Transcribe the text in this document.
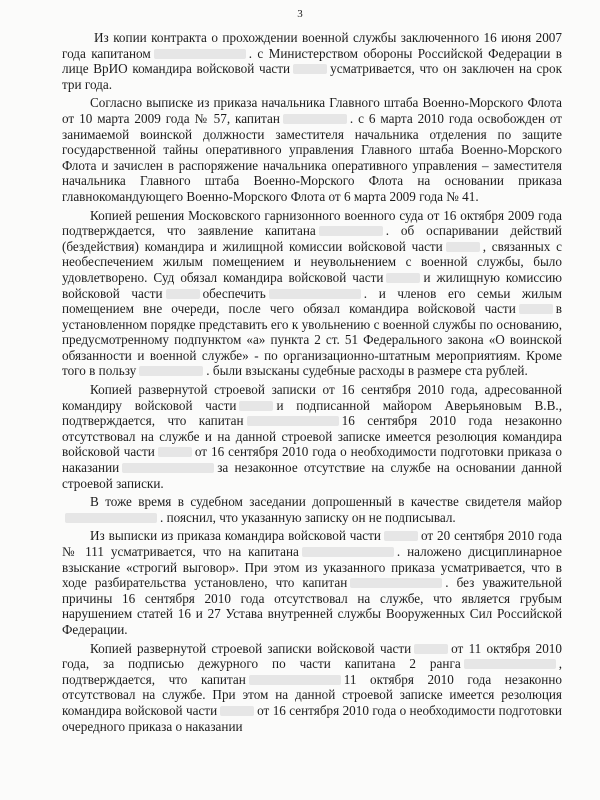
3

Из копии контракта о прохождении военной службы заключенного 16 июня 2007 года капитаном	. с Министерством обороны Российской Федерации в лице ВрИО командира войсковой части	усматривается, что он заключен на срок три года.

Согласно выписке из приказа начальника Главного штаба Военно-Морского Флота от 10 марта 2009 года № 57, капитан	. с 6 марта 2010 года освобожден от занимаемой воинской должности заместителя начальника отделения по защите государственной тайны оперативного управления Главного штаба Военно-Морского Флота и зачислен в распоряжение начальника оперативного управления – заместителя начальника Главного штаба Военно-Морского Флота на основании приказа главнокомандующего Военно-Морского Флота от 6 марта 2009 года № 41.

Копией решения Московского гарнизонного военного суда от 16 октября 2009 года подтверждается, что заявление капитана	. об оспаривании действий (бездействия) командира и жилищной комиссии войсковой части	, связанных с необеспечением жилым помещением и неувольнением с военной службы, было удовлетворено. Суд обязал командира войсковой части	и жилищную комиссию войсковой части	обеспечить	. и членов его семьи жилым помещением вне очереди, после чего обязал командира войсковой части	в установленном порядке представить его к увольнению с военной службы по основанию, предусмотренному подпунктом «а» пункта 2 ст. 51 Федерального закона «О воинской обязанности и военной службе» - по организационно-штатным мероприятиям. Кроме того в пользу	. были взысканы судебные расходы в размере ста рублей.

Копией развернутой строевой записки от 16 сентября 2010 года, адресованной командиру войсковой части	и подписанной майором Аверьяновым В.В., подтверждается, что капитан	16 сентября 2010 года незаконно отсутствовал на службе и на данной строевой записке имеется резолюция командира войсковой части	от 16 сентября 2010 года о необходимости подготовки приказа о наказании	за незаконное отсутствие на службе на основании данной строевой записки.

В тоже время в судебном заседании допрошенный в качестве свидетеля майор. пояснил, что указанную записку он не подписывал.

Из выписки из приказа командира войсковой части	от 20 сентября 2010 года № 111 усматривается, что на капитана	. наложено дисциплинарное взыскание «строгий выговор». При этом из указанного приказа усматривается, что в ходе разбирательства установлено, что капитан	. без уважительной причины 16 сентября 2010 года отсутствовал на службе, что является грубым нарушением статей 16 и 27 Устава внутренней службы Вооруженных Сил Российской Федерации.

Копией развернутой строевой записки войсковой части	от 11 октября 2010 года, за подписью дежурного по части капитана 2 ранга	, подтверждается, что капитан	11 октября 2010 года незаконно отсутствовал на службе. При этом на данной строевой записке имеется резолюция командира войсковой части	от 16 сентября 2010 года о необходимости подготовки очередного приказа о наказании
